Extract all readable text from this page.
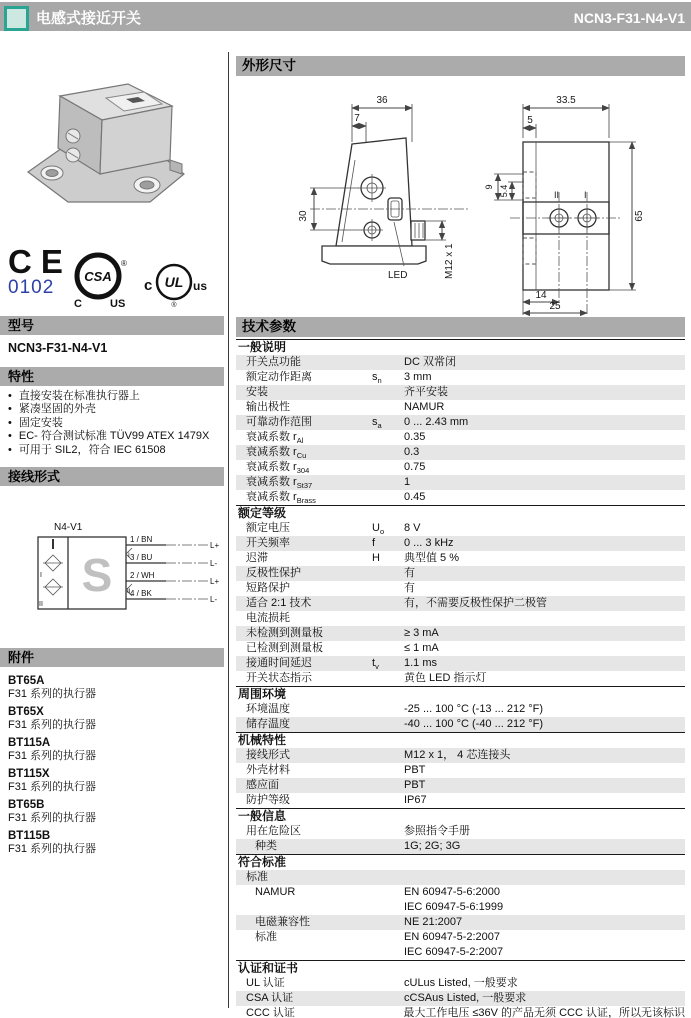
电感式接近开关	NCN3-F31-N4-V1
CE
0102
CSA
®
C	US
c UL us
®
型号
NCN3-F31-N4-V1
特性
• 直接安装在标准执行器上
• 紧凑坚固的外壳
• 固定安装
• EC- 符合测试标准 TÜV99 ATEX 1479X
• 可用于 SIL2，符合 IEC 61508
接线形式
N4-V1
I
II
S
1 / BN
L+
3 / BU
L-
2 / WH
L+
4 / BK
L-
I
II
附件
BT65A
F31 系列的执行器
BT65X
F31 系列的执行器
BT115A
F31 系列的执行器
BT115X
F31 系列的执行器
BT65B
F31 系列的执行器
BT115B
F31 系列的执行器
外形尺寸
36
7
30
LED	M12 x 1
II	I
33.5
5
9 5.4
65
14
25
技术参数
一般说明
开关点功能	DC 双常闭
额定动作距离	$s_n$	3 mm
安装	齐平安装
输出极性	NAMUR
可靠动作范围	$s_a$	0 ... 2.43 mm
衰减系数 $r_{Al}$	0.35
衰减系数 $r_{Cu}$	0.3
衰减系数 $r_{304}$	0.75
衰减系数 $r_{St37}$	1
衰减系数 $r_{Brass}$	0.45
额定等级
额定电压	$U_o$	8 V
开关频率	f	0 ... 3 kHz
迟滞	H	典型值 5 %
反极性保护	有
短路保护	有
适合 2:1 技术	有，不需要反极性保护二极管
电流损耗
未检测到测量板	≥ 3 mA
已检测到测量板	≤ 1 mA
接通时间延迟	$t_v$	1.1 ms
开关状态指示	黄色 LED 指示灯
周围环境
环境温度	-25 ... 100 °C (-13 ... 212 °F)
储存温度	-40 ... 100 °C (-40 ... 212 °F)
机械特性
接线形式	M12 x 1， 4 芯连接头
外壳材料	PBT
感应面	PBT
防护等级	IP67
一般信息
用在危险区	参照指令手册
种类	1G; 2G; 3G
符合标准
标准
NAMUR	EN 60947-5-6:2000
IEC 60947-5-6:1999
电磁兼容性	NE 21:2007
标准	EN 60947-5-2:2007
IEC 60947-5-2:2007
认证和证书
UL 认证	cULus Listed, 一般要求
CSA 认证	cCSAus Listed, 一般要求
CCC 认证	最大工作电压 ≤36V 的产品无须 CCC 认证，所以无该标识
